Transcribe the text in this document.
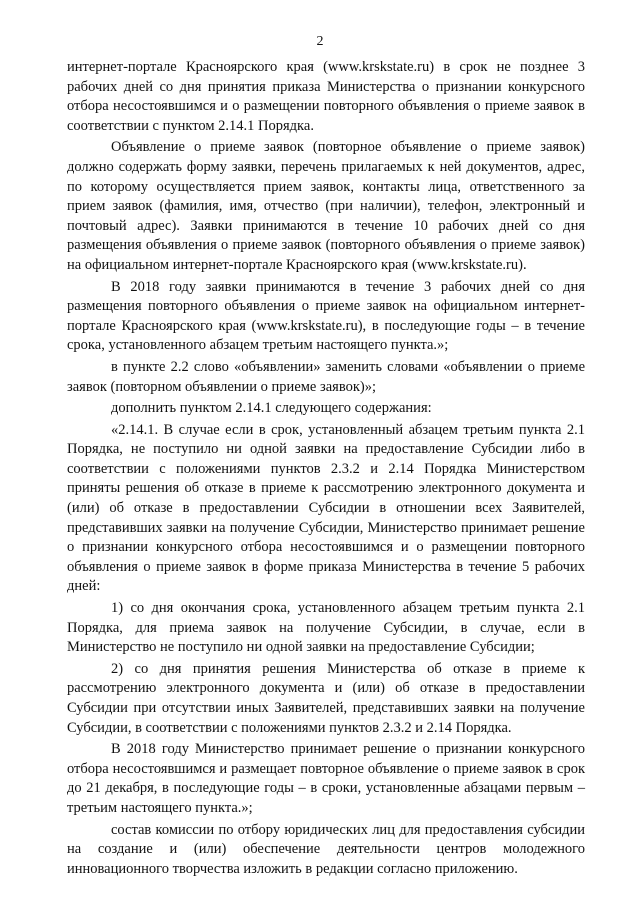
2

интернет-портале Красноярского края (www.krskstate.ru) в срок не позднее 3 рабочих дней со дня принятия приказа Министерства о признании конкурсного отбора несостоявшимся и о размещении повторного объявления о приеме заявок в соответствии с пунктом 2.14.1 Порядка.

Объявление о приеме заявок (повторное объявление о приеме заявок) должно содержать форму заявки, перечень прилагаемых к ней документов, адрес, по которому осуществляется прием заявок, контакты лица, ответственного за прием заявок (фамилия, имя, отчество (при наличии), телефон, электронный и почтовый адрес). Заявки принимаются в течение 10 рабочих дней со дня размещения объявления о приеме заявок (повторного объявления о приеме заявок) на официальном интернет-портале Красноярского края (www.krskstate.ru).

В 2018 году заявки принимаются в течение 3 рабочих дней со дня размещения повторного объявления о приеме заявок на официальном интернет-портале Красноярского края (www.krskstate.ru), в последующие годы – в течение срока, установленного абзацем третьим настоящего пункта.»;

в пункте 2.2 слово «объявлении» заменить словами «объявлении о приеме заявок (повторном объявлении о приеме заявок)»;

дополнить пунктом 2.14.1 следующего содержания:

«2.14.1. В случае если в срок, установленный абзацем третьим пункта 2.1 Порядка, не поступило ни одной заявки на предоставление Субсидии либо в соответствии с положениями пунктов 2.3.2 и 2.14 Порядка Министерством приняты решения об отказе в приеме к рассмотрению электронного документа и (или) об отказе в предоставлении Субсидии в отношении всех Заявителей, представивших заявки на получение Субсидии, Министерство принимает решение о признании конкурсного отбора несостоявшимся и о размещении повторного объявления о приеме заявок в форме приказа Министерства в течение 5 рабочих дней:

1) со дня окончания срока, установленного абзацем третьим пункта 2.1 Порядка, для приема заявок на получение Субсидии, в случае, если в Министерство не поступило ни одной заявки на предоставление Субсидии;

2) со дня принятия решения Министерства об отказе в приеме к рассмотрению электронного документа и (или) об отказе в предоставлении Субсидии при отсутствии иных Заявителей, представивших заявки на получение Субсидии, в соответствии с положениями пунктов 2.3.2 и 2.14 Порядка.

В 2018 году Министерство принимает решение о признании конкурсного отбора несостоявшимся и размещает повторное объявление о приеме заявок в срок до 21 декабря, в последующие годы – в сроки, установленные абзацами первым – третьим настоящего пункта.»;

состав комиссии по отбору юридических лиц для предоставления субсидии на создание и (или) обеспечение деятельности центров молодежного инновационного творчества изложить в редакции согласно приложению.
